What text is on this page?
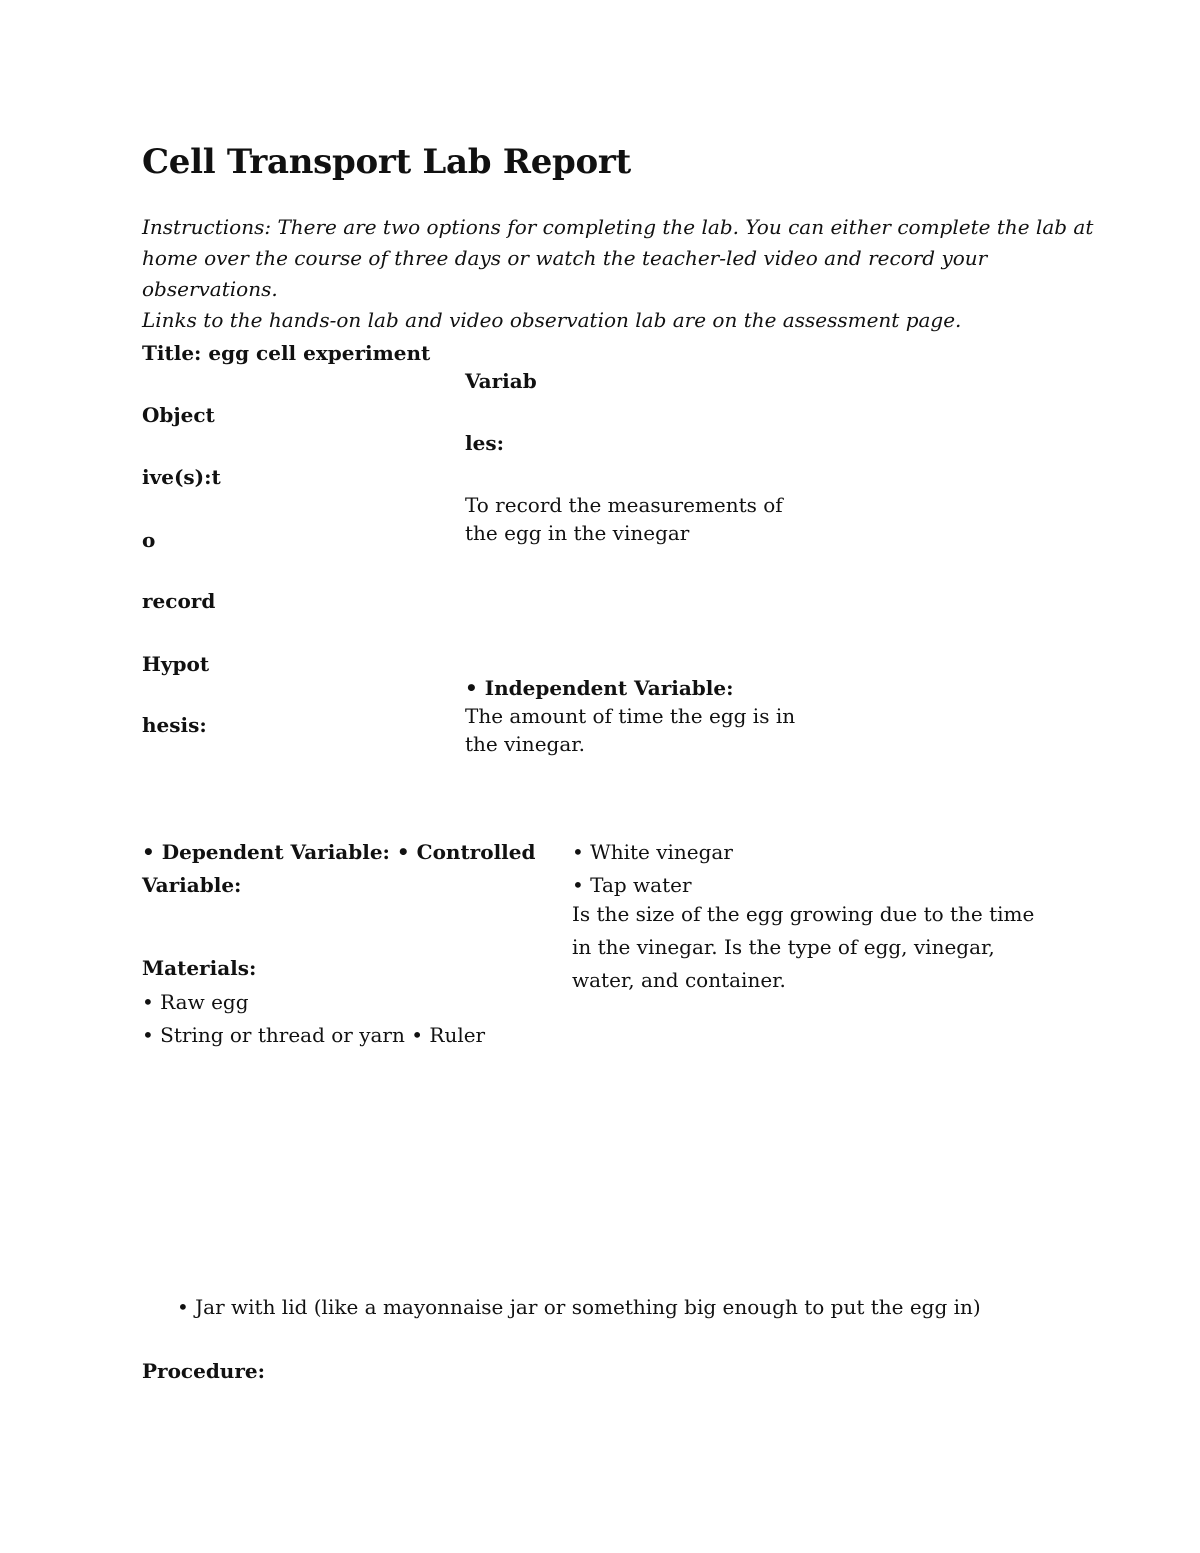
Cell Transport Lab Report
Instructions: There are two options for completing the lab. You can either complete the lab at
home over the course of three days or watch the teacher-led video and record your observations.
Links to the hands-on lab and video observation lab are on the assessment page.
Title: egg cell experiment
Object
ive(s):t
o
record
Hypot
hesis:
Variab
les:
To record the measurements of
the egg in the vinegar
• Independent Variable:
The amount of time the egg is in
the vinegar.
• Dependent Variable: • Controlled
Variable:
Materials:
• Raw egg
• String or thread or yarn • Ruler
• White vinegar
• Tap water
Is the size of the egg growing due to the time
in the vinegar. Is the type of egg, vinegar,
water, and container.
• Jar with lid (like a mayonnaise jar or something big enough to put the egg in)
Procedure:
